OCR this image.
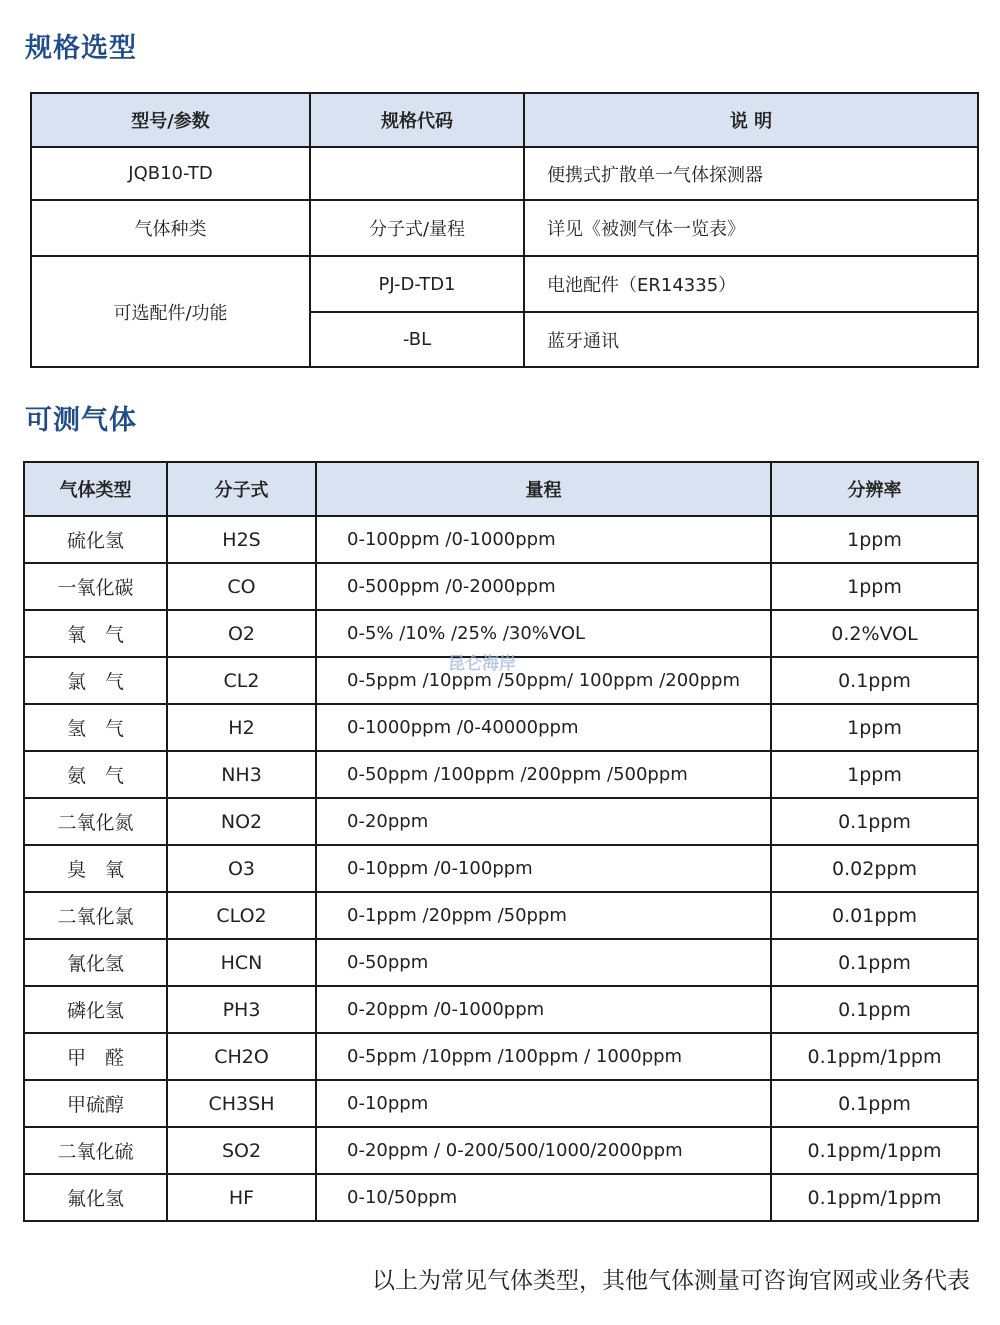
规格选型
型号/参数	规格代码	说 明
JQB10-TD		便携式扩散单一气体探测器
气体种类	分子式/量程	详见《被测气体一览表》
可选配件/功能	PJ-D-TD1	电池配件（ER14335）
	-BL	蓝牙通讯
可测气体
气体类型	分子式	量程	分辨率
硫化氢	H2S	0-100ppm /0-1000ppm	1ppm
一氧化碳	CO	0-500ppm /0-2000ppm	1ppm
氧　气	O2	0-5% /10% /25% /30%VOL	0.2%VOL
氯　气	CL2	0-5ppm /10ppm /50ppm/ 100ppm /200ppm	0.1ppm
氢　气	H2	0-1000ppm /0-40000ppm	1ppm
氨　气	NH3	0-50ppm /100ppm /200ppm /500ppm	1ppm
二氧化氮	NO2	0-20ppm	0.1ppm
臭　氧	O3	0-10ppm /0-100ppm	0.02ppm
二氧化氯	CLO2	0-1ppm /20ppm /50ppm	0.01ppm
氰化氢	HCN	0-50ppm	0.1ppm
磷化氢	PH3	0-20ppm /0-1000ppm	0.1ppm
甲　醛	CH2O	0-5ppm /10ppm /100ppm / 1000ppm	0.1ppm/1ppm
甲硫醇	CH3SH	0-10ppm	0.1ppm
二氧化硫	SO2	0-20ppm / 0-200/500/1000/2000ppm	0.1ppm/1ppm
氟化氢	HF	0-10/50ppm	0.1ppm/1ppm
昆仑海岸

以上为常见气体类型，其他气体测量可咨询官网或业务代表
